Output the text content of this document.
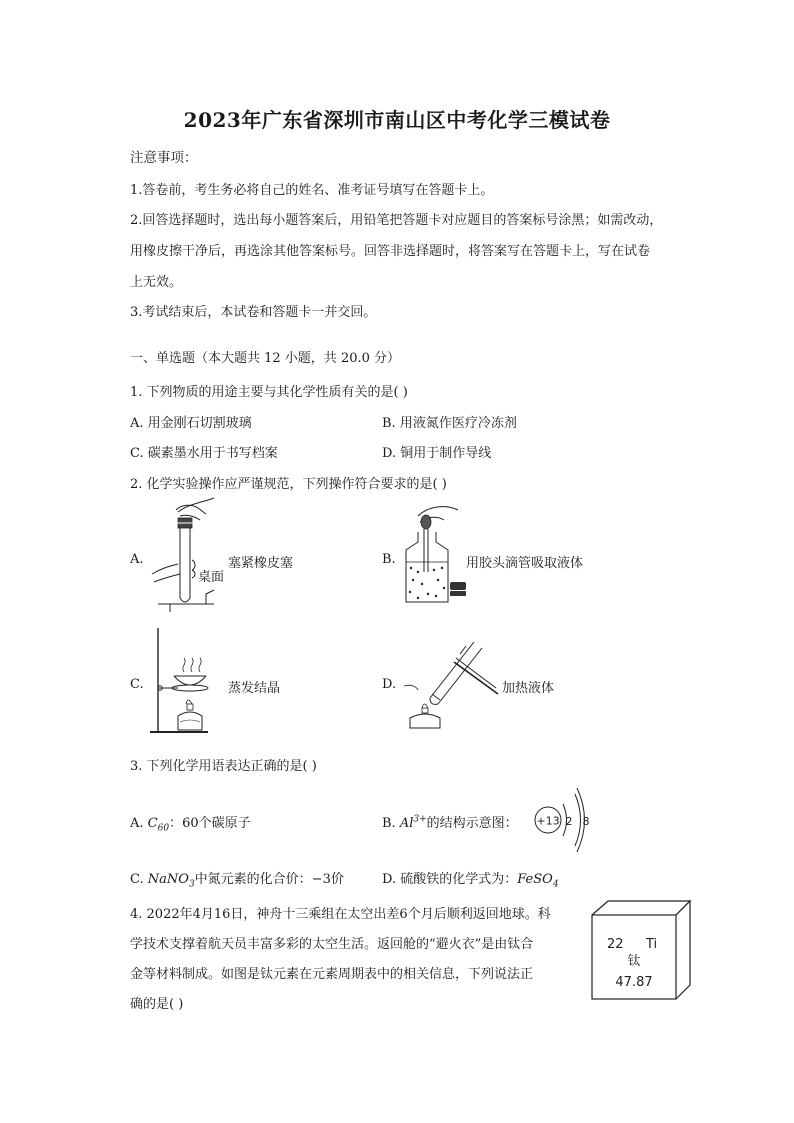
2023年广东省深圳市南山区中考化学三模试卷
注意事项：
1.答卷前，考生务必将自己的姓名、准考证号填写在答题卡上。
2.回答选择题时，选出每小题答案后，用铅笔把答题卡对应题目的答案标号涂黑；如需改动，
用橡皮擦干净后，再选涂其他答案标号。回答非选择题时，将答案写在答题卡上，写在试卷
上无效。
3.考试结束后，本试卷和答题卡一并交回。
一、单选题（本大题共 12 小题，共 20.0 分）
1. 下列物质的用途主要与其化学性质有关的是( )
A. 用金刚石切割玻璃	B. 用液氮作医疗冷冻剂
C. 碳素墨水用于书写档案	D. 铜用于制作导线
2. 化学实验操作应严谨规范，下列操作符合要求的是( )
A.
桌面
塞紧橡皮塞	B.	用胶头滴管吸取液体
C.	蒸发结晶	D.	加热液体
3. 下列化学用语表达正确的是( )
A. $C_{60}$：60个碳原子	B. $Al^{3+}$的结构示意图： +13 2 8
C. NaNO$_3$中氮元素的化合价：−3价	D. 硫酸铁的化学式为：FeSO$_4$
4. 2022年4月16日，神舟十三乘组在太空出差6个月后顺利返回地球。科
学技术支撑着航天员丰富多彩的太空生活。返回舱的“避火衣”是由钛合
金等材料制成。如图是钛元素在元素周期表中的相关信息，下列说法正
确的是( )
22 Ti
钛
47.87
